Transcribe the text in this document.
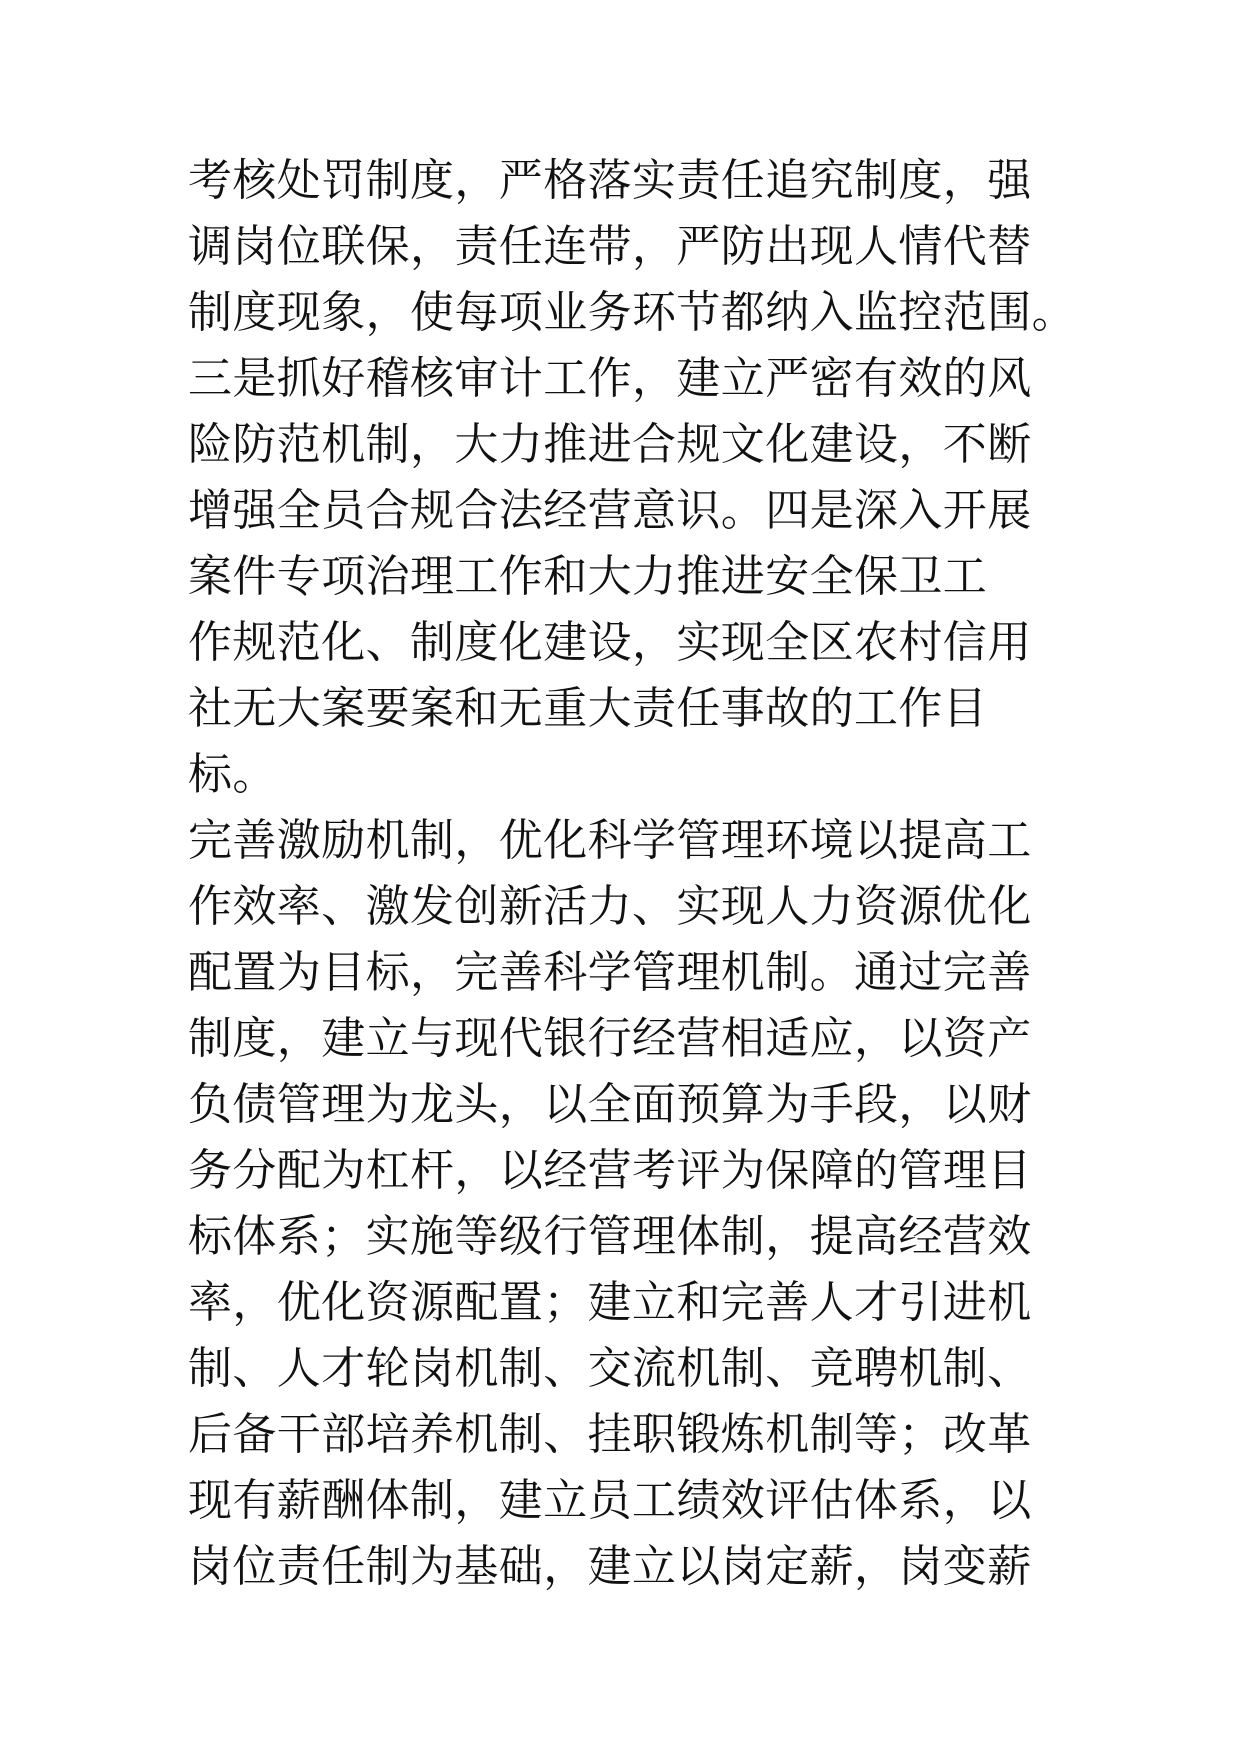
考核处罚制度，严格落实责任追究制度，强
调岗位联保，责任连带，严防出现人情代替
制度现象，使每项业务环节都纳入监控范围。
三是抓好稽核审计工作，建立严密有效的风
险防范机制，大力推进合规文化建设，不断
增强全员合规合法经营意识。四是深入开展
案件专项治理工作和大力推进安全保卫工
作规范化、制度化建设，实现全区农村信用
社无大案要案和无重大责任事故的工作目
标。
完善激励机制，优化科学管理环境以提高工
作效率、激发创新活力、实现人力资源优化
配置为目标，完善科学管理机制。通过完善
制度，建立与现代银行经营相适应，以资产
负债管理为龙头，以全面预算为手段，以财
务分配为杠杆，以经营考评为保障的管理目
标体系；实施等级行管理体制，提高经营效
率，优化资源配置；建立和完善人才引进机
制、人才轮岗机制、交流机制、竞聘机制、
后备干部培养机制、挂职锻炼机制等；改革
现有薪酬体制，建立员工绩效评估体系，以
岗位责任制为基础，建立以岗定薪，岗变薪
